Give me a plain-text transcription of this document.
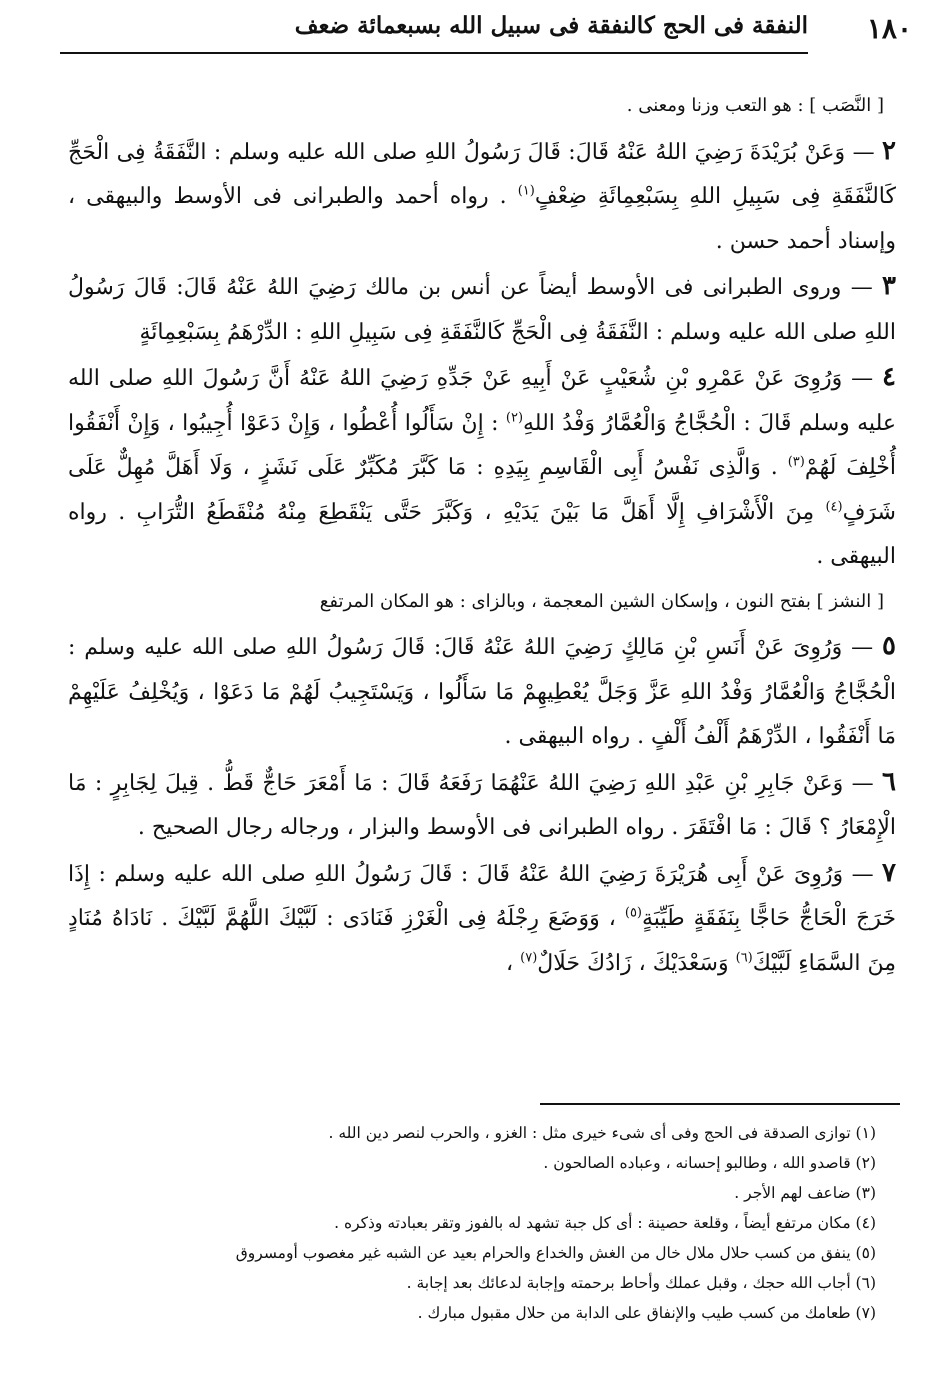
النفقة فى الحج كالنفقة فى سبيل الله بسبعمائة ضعف ١٨٠

[ النَّصَب ] : هو التعب وزنا ومعنى .

٢ — وَعَنْ بُرَيْدَةَ رَضِيَ اللهُ عَنْهُ قَالَ: قَالَ رَسُولُ اللهِ صلى الله عليه وسلم : النَّفَقَةُ فِى الْحَجِّ كَالنَّفَقَةِ فِى سَبِيلِ اللهِ بِسَبْعِمِائَةِ ضِعْفٍ$^{(١)}$ . رواه أحمد والطبرانى فى الأوسط والبيهقى ، وإسناد أحمد حسن .

٣ — وروى الطبرانى فى الأوسط أيضاً عن أنس بن مالك رَضِيَ اللهُ عَنْهُ قَالَ: قَالَ رَسُولُ اللهِ صلى الله عليه وسلم : النَّفَقَةُ فِى الْحَجِّ كَالنَّفَقَةِ فِى سَبِيلِ اللهِ : الدِّرْهَمُ بِسَبْعِمِائَةٍ

٤ — وَرُوِىَ عَنْ عَمْرِو بْنِ شُعَيْبٍ عَنْ أَبِيهِ عَنْ جَدِّهِ رَضِيَ اللهُ عَنْهُ أَنَّ رَسُولَ اللهِ صلى الله عليه وسلم قَالَ : الْحُجَّاجُ وَالْعُمَّارُ وَفْدُ اللهِ$^{(٢)}$ : إِنْ سَأَلُوا أُعْطُوا ، وَإِنْ دَعَوْا أُجِيبُوا ، وَإِنْ أَنْفَقُوا أُخْلِفَ لَهُمْ$^{(٣)}$ . وَالَّذِى نَفْسُ أَبِى الْقَاسِمِ بِيَدِهِ : مَا كَبَّرَ مُكَبِّرٌ عَلَى نَشَزٍ ، وَلَا أَهَلَّ مُهِلٌّ عَلَى شَرَفٍ$^{(٤)}$ مِنَ الْأَشْرَافِ إِلَّا أَهَلَّ مَا بَيْنَ يَدَيْهِ ، وَكَبَّرَ حَتَّى يَنْقَطِعَ مِنْهُ مُنْقَطَعُ التُّرَابِ . رواه البيهقى .

[ النشز ] بفتح النون ، وإسكان الشين المعجمة ، وبالزاى : هو المكان المرتفع

٥ — وَرُوِىَ عَنْ أَنَسِ بْنِ مَالِكٍ رَضِيَ اللهُ عَنْهُ قَالَ: قَالَ رَسُولُ اللهِ صلى الله عليه وسلم : الْحُجَّاجُ وَالْعُمَّارُ وَفْدُ اللهِ عَزَّ وَجَلَّ يُعْطِيهِمْ مَا سَأَلُوا ، وَيَسْتَجِيبُ لَهُمْ مَا دَعَوْا ، وَيُخْلِفُ عَلَيْهِمْ مَا أَنْفَقُوا ، الدِّرْهَمُ أَلْفُ أَلْفٍ . رواه البيهقى .

٦ — وَعَنْ جَابِرِ بْنِ عَبْدِ اللهِ رَضِيَ اللهُ عَنْهُمَا رَفَعَهُ قَالَ : مَا أَمْعَرَ حَاجٌّ قَطُّ . قِيلَ لِجَابِرٍ : مَا الْإِمْعَارُ ؟ قَالَ : مَا افْتَقَرَ . رواه الطبرانى فى الأوسط والبزار ، ورجاله رجال الصحيح .

٧ — وَرُوِىَ عَنْ أَبِى هُرَيْرَةَ رَضِيَ اللهُ عَنْهُ قَالَ : قَالَ رَسُولُ اللهِ صلى الله عليه وسلم : إِذَا خَرَجَ الْحَاجُّ حَاجًّا بِنَفَقَةٍ طَيِّبَةٍ$^{(٥)}$ ، وَوَضَعَ رِجْلَهُ فِى الْغَرْزِ فَنَادَى : لَبَّيْكَ اللَّهُمَّ لَبَّيْكَ . نَادَاهُ مُنَادٍ مِنَ السَّمَاءِ لَبَّيْكَ$^{(٦)}$ وَسَعْدَيْكَ ، زَادُكَ حَلَالٌ$^{(٧)}$ ،

(١) توازى الصدقة فى الحج وفى أى شىء خيرى مثل : الغزو ، والحرب لنصر دين الله .
(٢) قاصدو الله ، وطالبو إحسانه ، وعباده الصالحون .
(٣) ضاعف لهم الأجر .
(٤) مكان مرتفع أيضاً ، وقلعة حصينة : أى كل جبة تشهد له بالفوز وتقر بعبادته وذكره .
(٥) ينفق من كسب حلال ملال خال من الغش والخداع والحرام بعيد عن الشبه غير مغصوب أومسروق
(٦) أجاب الله حجك ، وقبل عملك وأحاط برحمته وإجابة لدعائك بعد إجابة .
(٧) طعامك من كسب طيب والإنفاق على الدابة من حلال مقبول مبارك .
